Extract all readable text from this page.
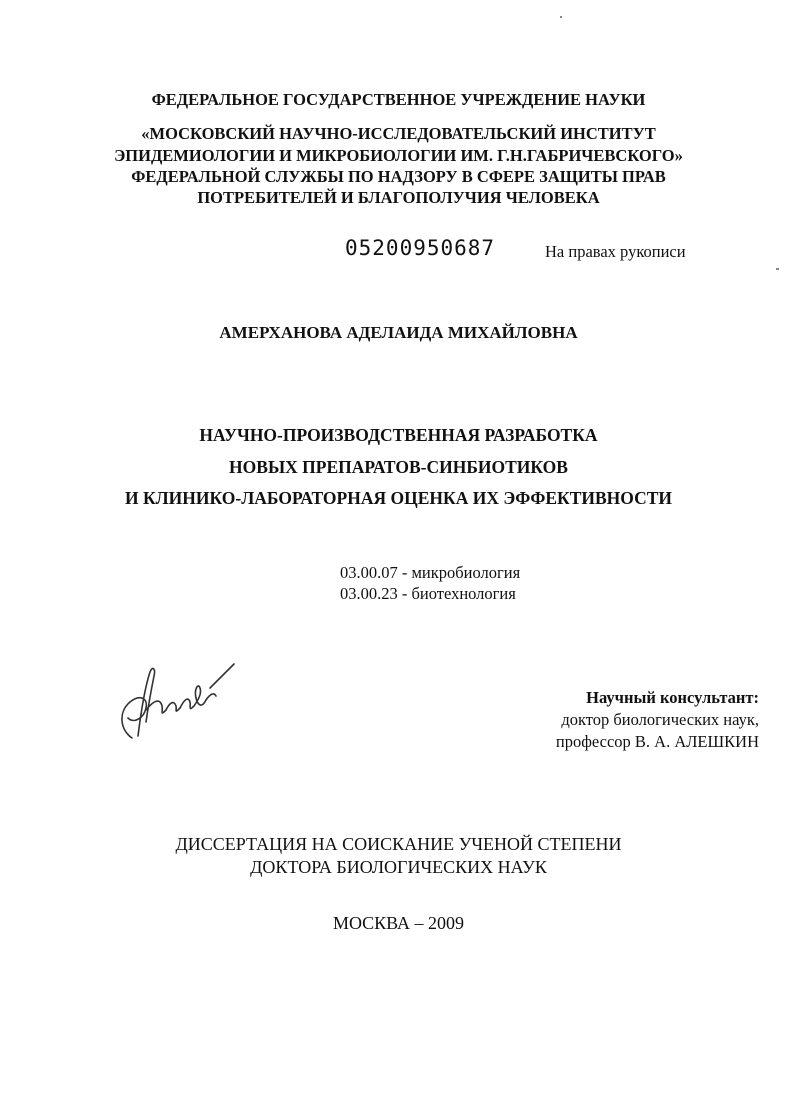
ФЕДЕРАЛЬНОЕ ГОСУДАРСТВЕННОЕ УЧРЕЖДЕНИЕ НАУКИ
«МОСКОВСКИЙ НАУЧНО-ИССЛЕДОВАТЕЛЬСКИЙ ИНСТИТУТ
ЭПИДЕМИОЛОГИИ И МИКРОБИОЛОГИИ ИМ. Г.Н.ГАБРИЧЕВСКОГО»
ФЕДЕРАЛЬНОЙ СЛУЖБЫ ПО НАДЗОРУ В СФЕРЕ ЗАЩИТЫ ПРАВ
ПОТРЕБИТЕЛЕЙ И БЛАГОПОЛУЧИЯ ЧЕЛОВЕКА
05200950687	На правах рукописи
АМЕРХАНОВА АДЕЛАИДА МИХАЙЛОВНА
НАУЧНО-ПРОИЗВОДСТВЕННАЯ РАЗРАБОТКА
НОВЫХ ПРЕПАРАТОВ-СИНБИОТИКОВ
И КЛИНИКО-ЛАБОРАТОРНАЯ ОЦЕНКА ИХ ЭФФЕКТИВНОСТИ
03.00.07 - микробиология
03.00.23 - биотехнология
Научный консультант:
доктор биологических наук,
профессор В. А. АЛЕШКИН
ДИССЕРТАЦИЯ НА СОИСКАНИЕ УЧЕНОЙ СТЕПЕНИ
ДОКТОРА БИОЛОГИЧЕСКИХ НАУК
МОСКВА – 2009
